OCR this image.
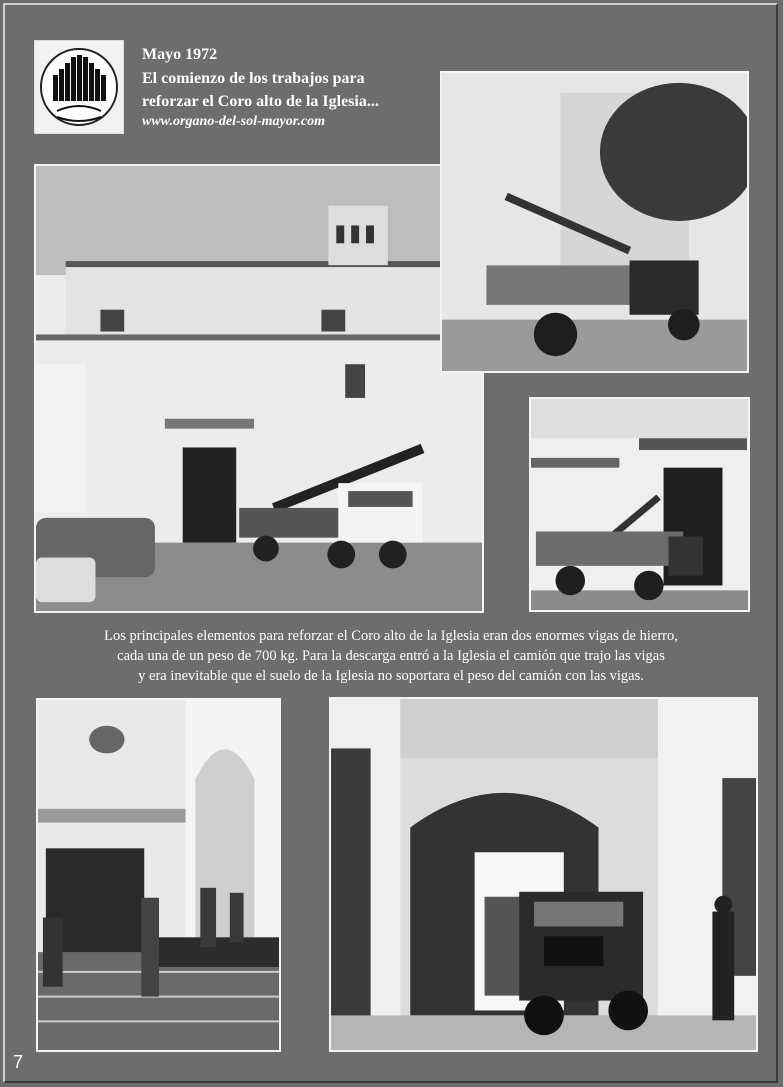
Mayo 1972
El comienzo de los trabajos para
reforzar el Coro alto de la Iglesia...
www.organo-del-sol-mayor.com
Los principales elementos para reforzar el Coro alto de la Iglesia eran dos enormes vigas de hierro,
cada una de un peso de 700 kg. Para la descarga entró a la Iglesia el camión que trajo las vigas
y era inevitable que el suelo de la Iglesia no soportara el peso del camión con las vigas.
7
